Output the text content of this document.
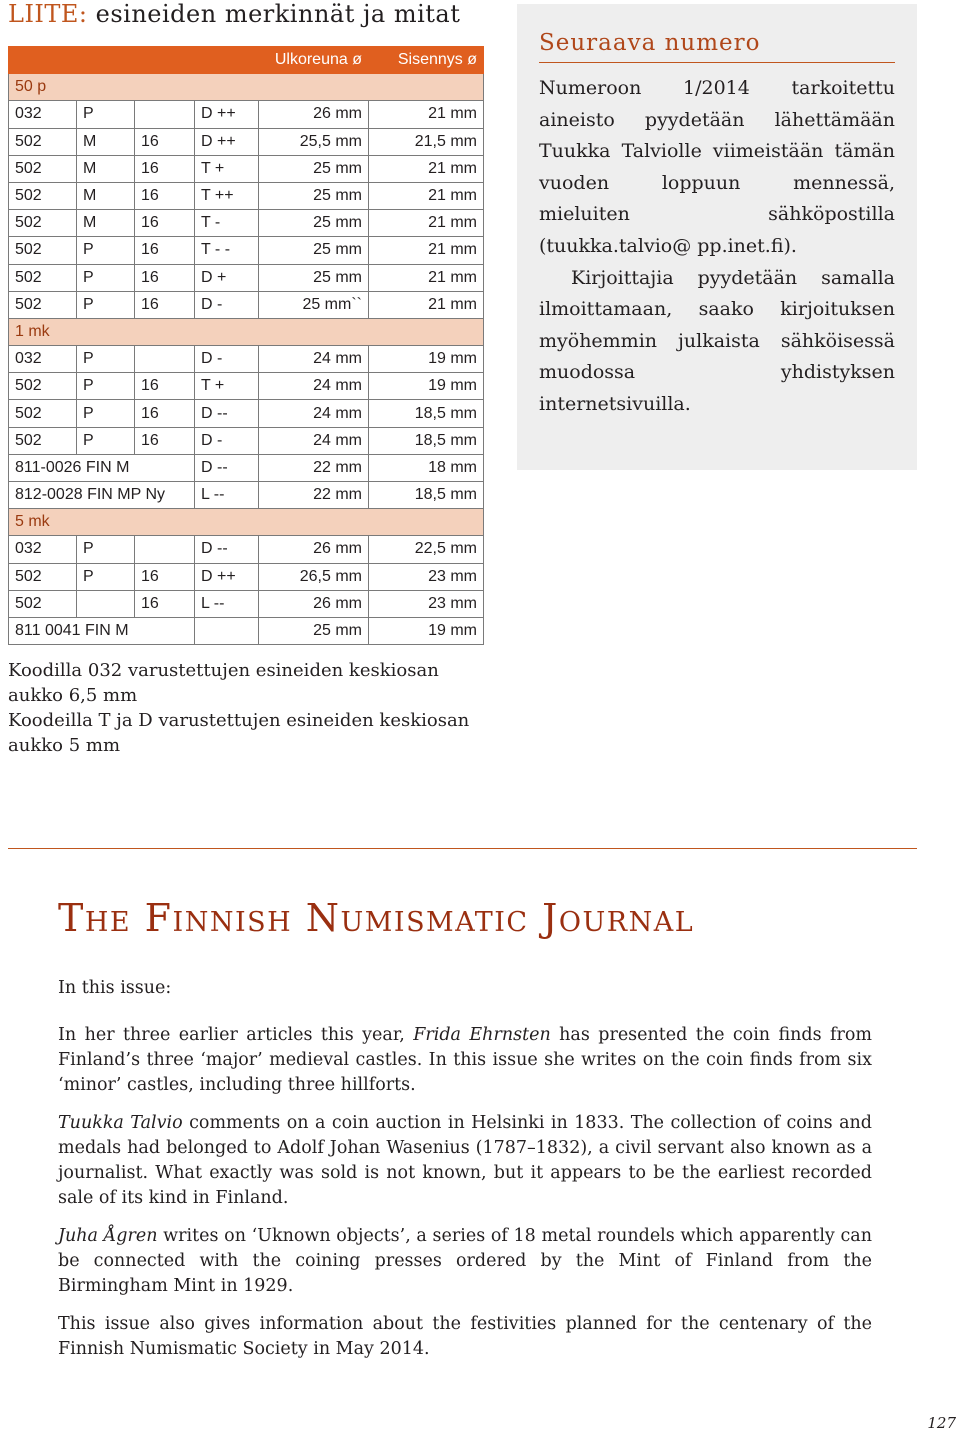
LIITE: esineiden merkinnät ja mitat
				Ulkoreuna ø	Sisennys ø
50 p					
032	P		D ++	26 mm	21 mm
502	M	16	D ++	25,5 mm	21,5 mm
502	M	16	T +	25 mm	21 mm
502	M	16	T ++	25 mm	21 mm
502	M	16	T -	25 mm	21 mm
502	P	16	T - -	25 mm	21 mm
502	P	16	D +	25 mm	21 mm
502	P	16	D -	25 mm``	21 mm
1 mk					
032	P		D -	24 mm	19 mm
502	P	16	T +	24 mm	19 mm
502	P	16	D --	24 mm	18,5 mm
502	P	16	D -	24 mm	18,5 mm
811-0026 FIN M			D --	22 mm	18 mm
812-0028 FIN MP Ny			L --	22 mm	18,5 mm
5 mk					
032	P		D --	26 mm	22,5 mm
502	P	16	D ++	26,5 mm	23 mm
502		16	L --	26 mm	23 mm
811 0041 FIN M				25 mm	19 mm

Koodilla 032 varustettujen esineiden keskiosan aukko 6,5 mm

Koodeilla T ja D varustettujen esineiden keskiosan aukko 5 mm

Seuraava numero

Numeroon 1/2014 tarkoitettu aineisto pyydetään lähettämään Tuukka Talviolle viimeistään tämän vuoden loppuun mennessä, mieluiten sähköpostilla (tuukka.talvio@ pp.inet.fi).

Kirjoittajia pyydetään samalla ilmoittamaan, saako kirjoituksen myöhemmin julkaista sähköisessä muodossa yhdistyksen internetsivuilla.

The Finnish Numismatic Journal

In this issue:

In her three earlier articles this year, Frida Ehrnsten has presented the coin finds from Finland’s three ‘major’ medieval castles. In this issue she writes on the coin finds from six ‘minor’ castles, including three hillforts.

Tuukka Talvio comments on a coin auction in Helsinki in 1833. The collection of coins and medals had belonged to Adolf Johan Wasenius (1787–1832), a civil servant also known as a journalist. What exactly was sold is not known, but it appears to be the earliest recorded sale of its kind in Finland.

Juha Ågren writes on ‘Uknown objects’, a series of 18 metal roundels which apparently can be connected with the coining presses ordered by the Mint of Finland from the Birmingham Mint in 1929.

This issue also gives information about the festivities planned for the centenary of the Finnish Numismatic Society in May 2014.

127
